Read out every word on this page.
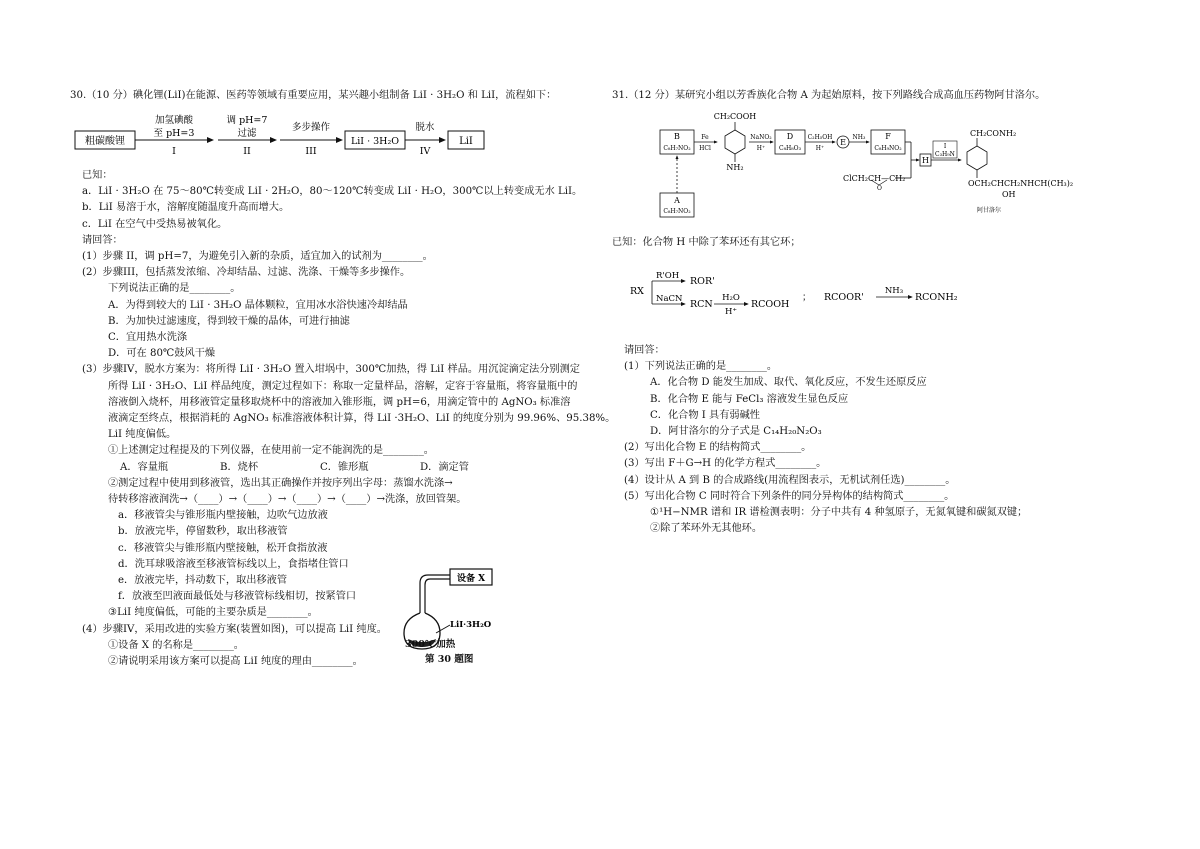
30.（10 分）碘化锂(LiI)在能源、医药等领域有重要应用，某兴趣小组制备 LiI · 3H₂O 和 LiI，流程如下：
粗碳酸锂
加氢碘酸
至 pH=3
I
调 pH=7
过滤
II
多步操作
III
LiI · 3H₂O
脱水
IV
LiI
已知：
a．LiI · 3H₂O 在 75～80℃转变成 LiI · 2H₂O，80～120℃转变成 LiI · H₂O，300℃以上转变成无水 LiI。
b．LiI 易溶于水，溶解度随温度升高而增大。
c．LiI 在空气中受热易被氧化。
请回答：
(1）步骤 II，调 pH=7，为避免引入新的杂质，适宜加入的试剂为________。
(2）步骤III，包括蒸发浓缩、冷却结晶、过滤、洗涤、干燥等多步操作。
下列说法正确的是________。
A．为得到较大的 LiI · 3H₂O 晶体颗粒，宜用冰水浴快速冷却结晶
B．为加快过滤速度，得到较干燥的晶体，可进行抽滤
C．宜用热水洗涤
D．可在 80℃鼓风干燥
(3）步骤IV，脱水方案为：将所得 LiI · 3H₂O 置入坩埚中，300℃加热，得 LiI 样品。用沉淀滴定法分别测定
所得 LiI · 3H₂O、LiI 样品纯度，测定过程如下：称取一定量样品，溶解，定容于容量瓶，将容量瓶中的
溶液倒入烧杯，用移液管定量移取烧杯中的溶液加入锥形瓶，调 pH=6，用滴定管中的 AgNO₃ 标准溶
液滴定至终点，根据消耗的 AgNO₃ 标准溶液体积计算，得 LiI ·3H₂O、LiI 的纯度分别为 99.96%、95.38%。
LiI 纯度偏低。
①上述测定过程提及的下列仪器，在使用前一定不能润洗的是________。
A．容量瓶	B．烧杯	C．锥形瓶	D．滴定管
②测定过程中使用到移液管，选出其正确操作并按序列出字母：蒸馏水洗涤→
待转移溶液润洗→（____）→（____）→（____）→（____）→洗涤，放回管架。
a．移液管尖与锥形瓶内壁接触，边吹气边放液
b．放液完毕，停留数秒，取出移液管
c．移液管尖与锥形瓶内壁接触，松开食指放液
d．洗耳球吸溶液至移液管标线以上，食指堵住管口
e．放液完毕，抖动数下，取出移液管
f．放液至凹液面最低处与移液管标线相切，按紧管口
③LiI 纯度偏低，可能的主要杂质是________。
(4）步骤IV，采用改进的实验方案(装置如图)，可以提高 LiI 纯度。
①设备 X 的名称是________。
②请说明采用该方案可以提高 LiI 纯度的理由________。
设备 X
LiI·3H₂O
300℃加热
第 30 题图
31.（12 分）某研究小组以芳香族化合物 A 为起始原料，按下列路线合成高血压药物阿甘洛尔。
B
C₈H₇NO₂
A
C₈H₇NO₂
Fe
HCl
CH₂COOH
NH₂
NaNO₂
H⁺
D
C₈H₈O₃
C₂H₅OH
H⁺
E
NH₃ F
C₈H₉NO₂
ClCH₂CH—CH₂
O
H
I
C₃H₉N
CH₂CONH₂
OCH₂CHCH₂NHCH(CH₃)₂
OH
阿甘洛尔
已知：化合物 H 中除了苯环还有其它环；
RX
R'OH ROR'
NaCN RCN
H₂O
H⁺
RCOOH
； RCOOR'
NH₃
RCONH₂
请回答：
(1）下列说法正确的是________。
A．化合物 D 能发生加成、取代、氧化反应，不发生还原反应
B．化合物 E 能与 FeCl₃ 溶液发生显色反应
C．化合物 I 具有弱碱性
D．阿甘洛尔的分子式是 C₁₄H₂₀N₂O₃
(2）写出化合物 E 的结构简式________。
(3）写出 F＋G→H 的化学方程式________。
(4）设计从 A 到 B 的合成路线(用流程图表示，无机试剂任选)________。
(5）写出化合物 C 同时符合下列条件的同分异构体的结构简式________。
①¹H−NMR 谱和 IR 谱检测表明：分子中共有 4 种氢原子，无氮氧键和碳氮双键；
②除了苯环外无其他环。
